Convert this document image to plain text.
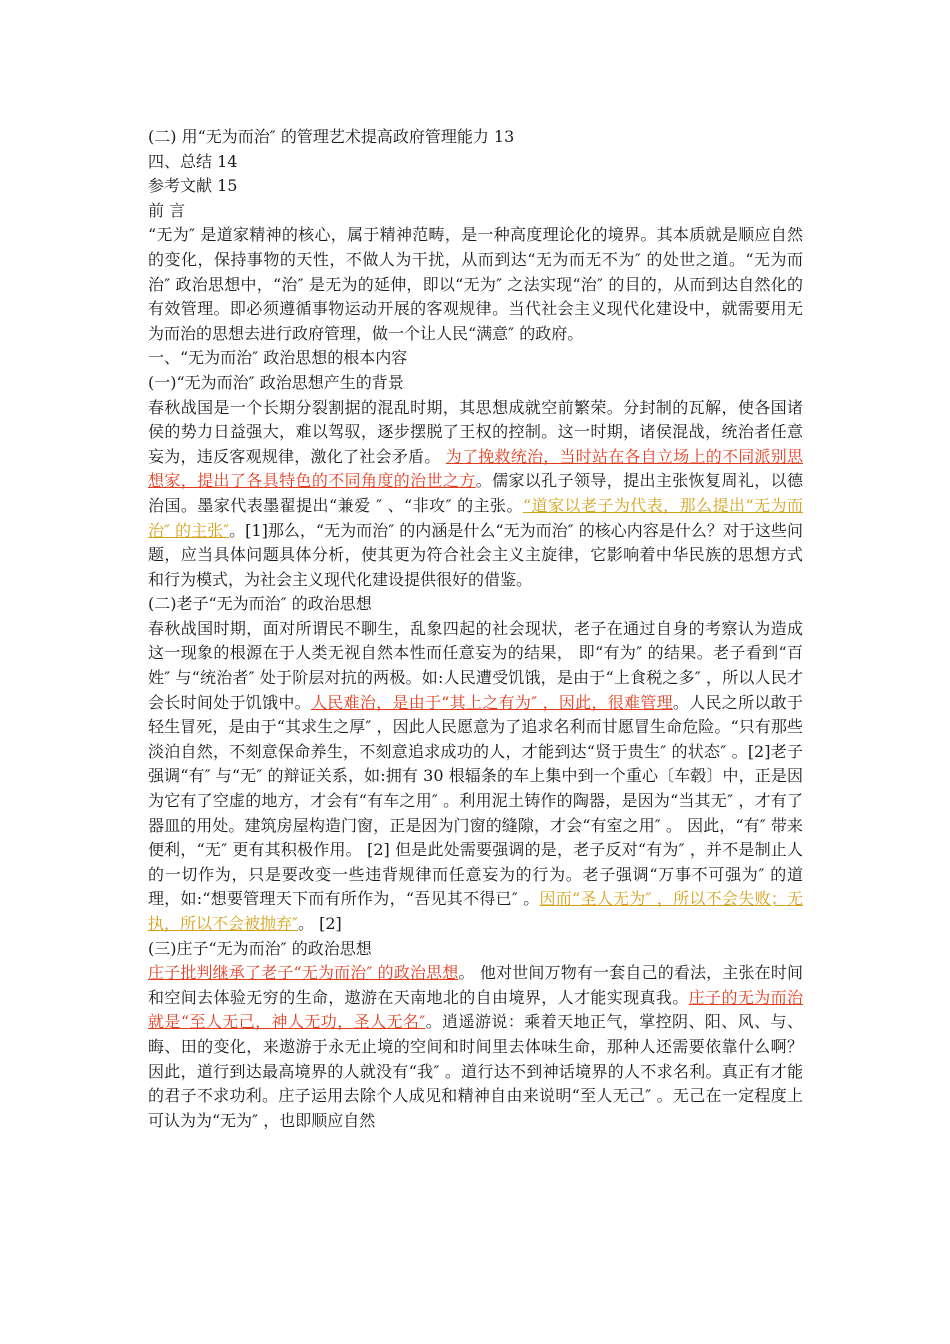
(二) 用“无为而治″ 的管理艺术提高政府管理能力 13

四、总结 14

参考文献 15

前 言

“无为″ 是道家精神的核心，属于精神范畴，是一种高度理论化的境界。其本质就是顺应自然的变化，保持事物的天性，不做人为干扰，从而到达“无为而无不为″ 的处世之道。“无为而治″ 政治思想中，“治″ 是无为的延伸，即以“无为″ 之法实现“治″ 的目的，从而到达自然化的有效管理。即必须遵循事物运动开展的客观规律。当代社会主义现代化建设中，就需要用无为而治的思想去进行政府管理，做一个让人民“满意″ 的政府。

一、“无为而治″ 政治思想的根本内容

(一)“无为而治″ 政治思想产生的背景

春秋战国是一个长期分裂割据的混乱时期，其思想成就空前繁荣。分封制的瓦解，使各国诸侯的势力日益强大，难以驾驭，逐步摆脱了王权的控制。这一时期，诸侯混战，统治者任意妄为，违反客观规律，激化了社会矛盾。 为了挽救统治，当时站在各自立场上的不同派别思想家，提出了各具特色的不同角度的治世之方。儒家以孔子领导，提出主张恢复周礼，以德治国。墨家代表墨翟提出“兼爱 ″ 、“非攻″ 的主张。“道家以老子为代表，那么提出“无为而治″ 的主张″。[1]那么，“无为而治″ 的内涵是什么“无为而治″ 的核心内容是什么？对于这些问题，应当具体问题具体分析，使其更为符合社会主义主旋律，它影响着中华民族的思想方式和行为模式，为社会主义现代化建设提供很好的借鉴。

(二)老子“无为而治″ 的政治思想

春秋战国时期，面对所谓民不聊生，乱象四起的社会现状，老子在通过自身的考察认为造成这一现象的根源在于人类无视自然本性而任意妄为的结果， 即“有为″ 的结果。老子看到“百姓″ 与“统治者″ 处于阶层对抗的两极。如:人民遭受饥饿，是由于“上食税之多″ ，所以人民才会长时间处于饥饿中。人民难治，是由于“其上之有为″ ，因此，很难管理。人民之所以敢于轻生冒死，是由于“其求生之厚″ ，因此人民愿意为了追求名利而甘愿冒生命危险。“只有那些淡泊自然，不刻意保命养生，不刻意追求成功的人，才能到达“贤于贵生″ 的状态″ 。[2]老子强调“有″ 与“无″ 的辩证关系，如:拥有 30 根辐条的车上集中到一个重心〔车毂〕中，正是因为它有了空虚的地方，才会有“有车之用″ 。利用泥土铸作的陶器，是因为“当其无″ ，才有了器皿的用处。建筑房屋构造门窗，正是因为门窗的缝隙，才会“有室之用″ 。 因此，“有″ 带来便利，“无″ 更有其积极作用。 [2] 但是此处需要强调的是，老子反对“有为″ ，并不是制止人的一切作为，只是要改变一些违背规律而任意妄为的行为。老子强调“万事不可强为″ 的道理，如:“想要管理天下而有所作为，“吾见其不得已″ 。因而“圣人无为″ ，所以不会失败；无执，所以不会被抛弃″。 [2]

(三)庄子“无为而治″ 的政治思想

庄子批判继承了老子“无为而治″ 的政治思想。 他对世间万物有一套自己的看法，主张在时间和空间去体验无穷的生命，遨游在天南地北的自由境界，人才能实现真我。庄子的无为而治就是“至人无己，神人无功，圣人无名″。逍遥游说：乘着天地正气，掌控阴、阳、风、与、晦、田的变化，来遨游于永无止境的空间和时间里去体味生命，那种人还需要依靠什么啊？因此，道行到达最高境界的人就没有“我″ 。道行达不到神话境界的人不求名利。真正有才能的君子不求功利。庄子运用去除个人成见和精神自由来说明“至人无己″ 。无己在一定程度上可认为为“无为″ ，也即顺应自然
